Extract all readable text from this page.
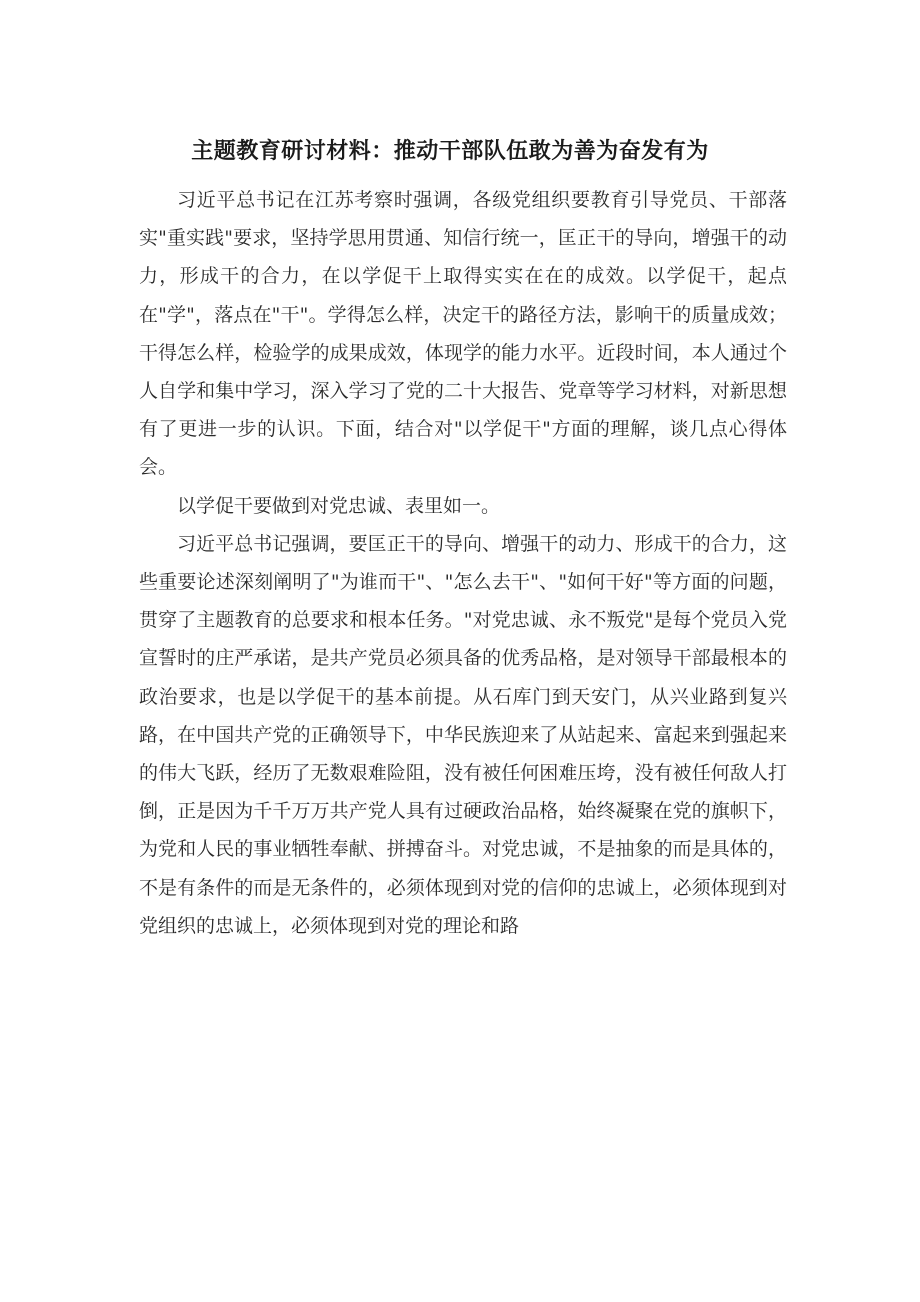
主题教育研讨材料：推动干部队伍敢为善为奋发有为

习近平总书记在江苏考察时强调，各级党组织要教育引导党员、干部落实"重实践"要求，坚持学思用贯通、知信行统一，匡正干的导向，增强干的动力，形成干的合力，在以学促干上取得实实在在的成效。以学促干，起点在"学"，落点在"干"。学得怎么样，决定干的路径方法，影响干的质量成效；干得怎么样，检验学的成果成效，体现学的能力水平。近段时间，本人通过个人自学和集中学习，深入学习了党的二十大报告、党章等学习材料，对新思想有了更进一步的认识。下面，结合对"以学促干"方面的理解，谈几点心得体会。

以学促干要做到对党忠诚、表里如一。

习近平总书记强调，要匡正干的导向、增强干的动力、形成干的合力，这些重要论述深刻阐明了"为谁而干"、"怎么去干"、"如何干好"等方面的问题，贯穿了主题教育的总要求和根本任务。"对党忠诚、永不叛党"是每个党员入党宣誓时的庄严承诺，是共产党员必须具备的优秀品格，是对领导干部最根本的政治要求，也是以学促干的基本前提。从石库门到天安门，从兴业路到复兴路，在中国共产党的正确领导下，中华民族迎来了从站起来、富起来到强起来的伟大飞跃，经历了无数艰难险阻，没有被任何困难压垮，没有被任何敌人打倒，正是因为千千万万共产党人具有过硬政治品格，始终凝聚在党的旗帜下，为党和人民的事业牺牲奉献、拼搏奋斗。对党忠诚，不是抽象的而是具体的，不是有条件的而是无条件的，必须体现到对党的信仰的忠诚上，必须体现到对党组织的忠诚上，必须体现到对党的理论和路
